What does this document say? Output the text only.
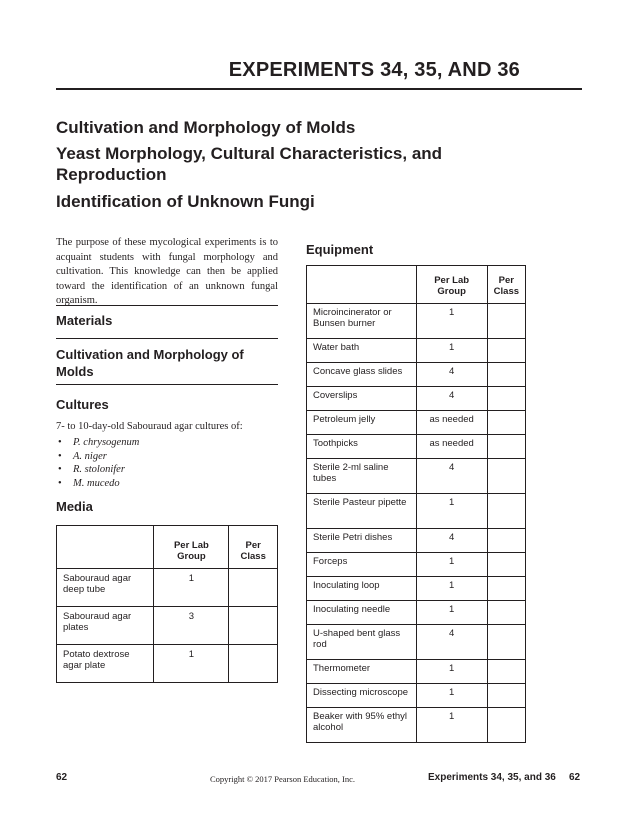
EXPERIMENTS 34, 35, AND 36
Cultivation and Morphology of Molds
Yeast Morphology, Cultural Characteristics, and Reproduction
Identification of Unknown Fungi
The purpose of these mycological experiments is to acquaint students with fungal morphology and cultivation. This knowledge can then be applied toward the identification of an unknown fungal organism.
Materials
Cultivation and Morphology of Molds
Cultures
7- to 10-day-old Sabouraud agar cultures of:
• P. chrysogenum
• A. niger
• R. stolonifer
• M. mucedo
Media
	Per Lab Group	Per Class
Sabouraud agar deep tube	1	
Sabouraud agar plates	3	
Potato dextrose agar plate	1	
Equipment
	Per Lab Group	Per Class
Microincinerator or Bunsen burner	1	
Water bath	1	
Concave glass slides	4	
Coverslips	4	
Petroleum jelly	as needed	
Toothpicks	as needed	
Sterile 2-ml saline tubes	4	
Sterile Pasteur pipette	1	
Sterile Petri dishes	4	
Forceps	1	
Inoculating loop	1	
Inoculating needle	1	
U-shaped bent glass rod	4	
Thermometer	1	
Dissecting microscope	1	
Beaker with 95% ethyl alcohol	1	
62	Copyright © 2017 Pearson Education, Inc.	Experiments 34, 35, and 36 62
